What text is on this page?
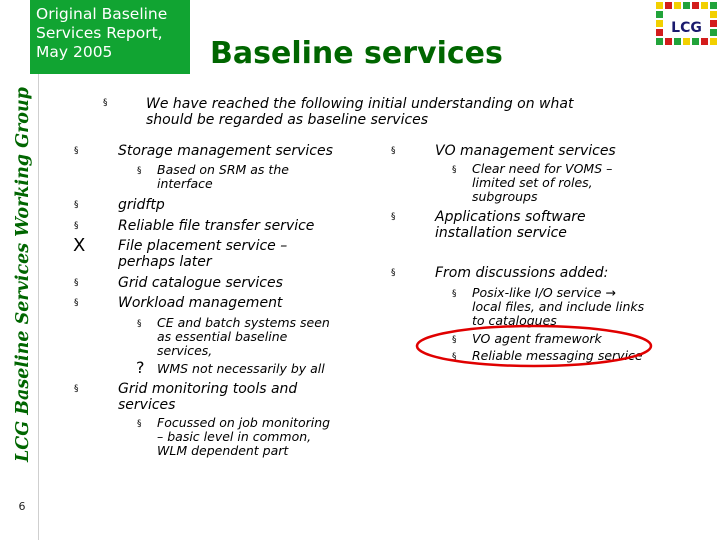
LCG Baseline Services Working Group
6
Original Baseline
Services Report,
May 2005	Baseline services
LCG
§	We have reached the following initial understanding on what
should be regarded as baseline services
§	Storage management services
§ Based on SRM as the
interface
§	gridftp
§	Reliable file transfer service
X File placement service –
perhaps later
§	Grid catalogue services
§	Workload management
§ CE and batch systems seen
as essential baseline
services,
? WMS not necessarily by all
§	Grid monitoring tools and
services
§ Focussed on job monitoring
– basic level in common,
WLM dependent part
§	VO management services
§ Clear need for VOMS –
limited set of roles,
subgroups
§	Applications software
installation service
§	From discussions added:
§ Posix-like I/O service →
local files, and include links
to catalogues
§ VO agent framework
§ Reliable messaging service
